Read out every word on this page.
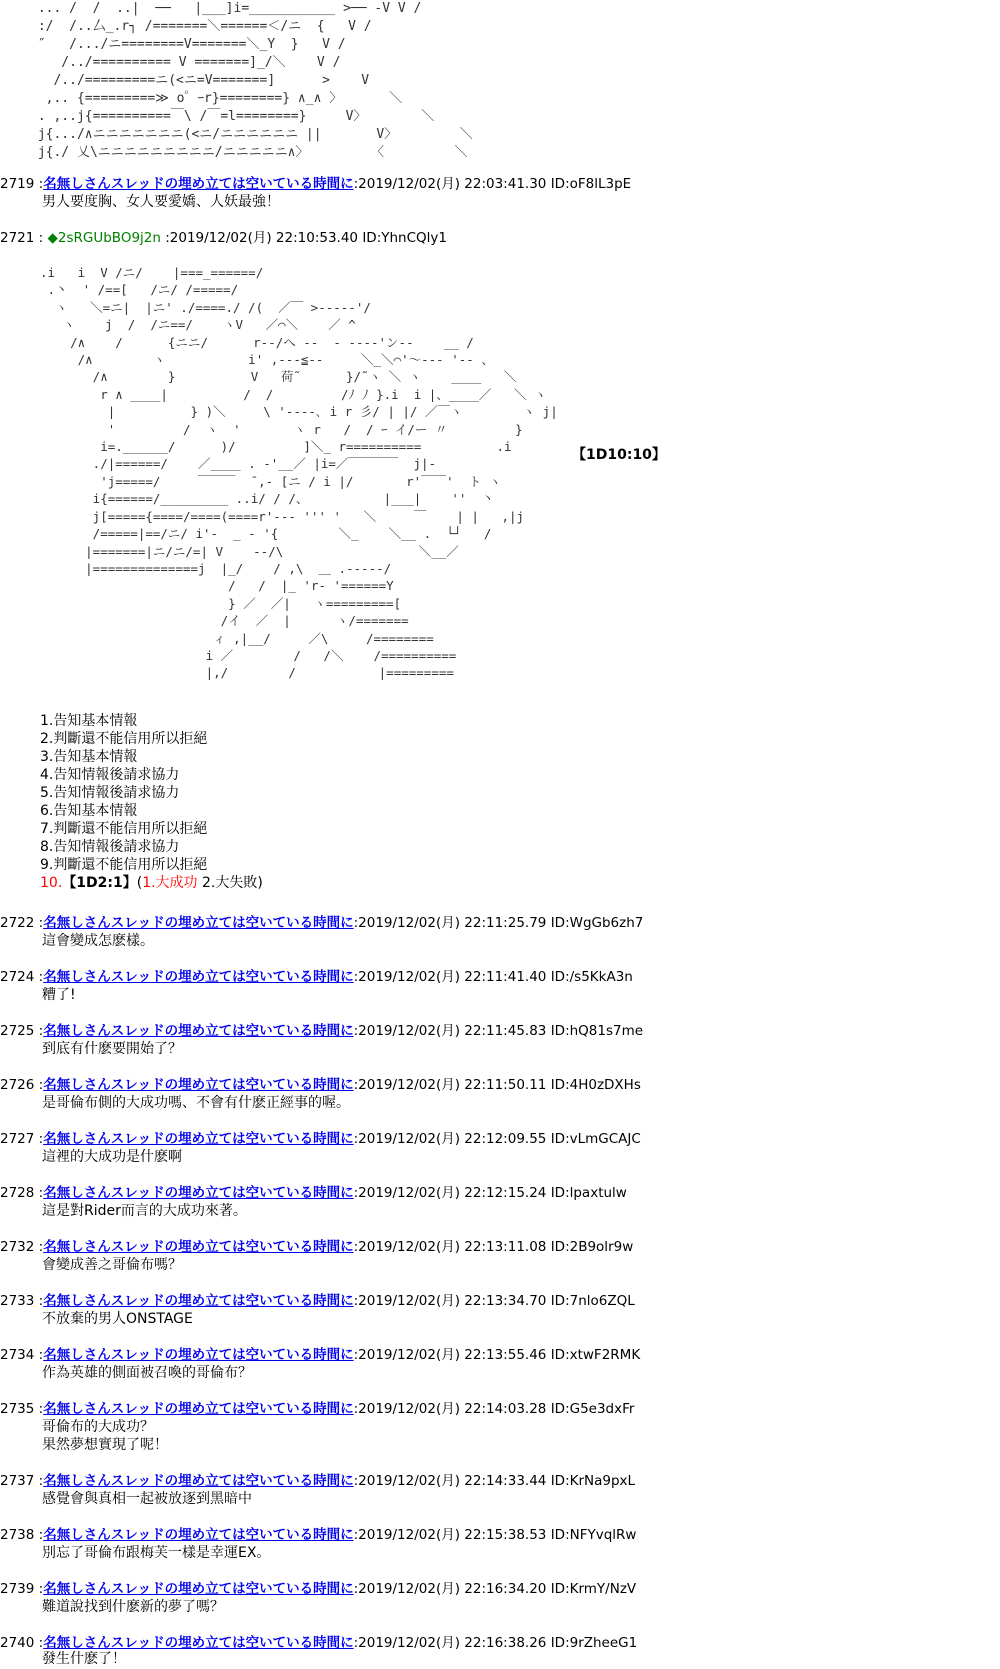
... /  /  ..|  ──   |___]i=___________ >── -V V /
:/  /..厶_.r┐ /=======＼======＜/ニ  {   V /
″   /.../ニ========V=======＼_Y  }   V /
/../========== V =======]_/＼    V /
/../=========ニ(<ニ=V=======]      >    V
,.. {=========≫ o゜ｰr}========} ∧_∧ 〉      ＼
. ,..j{==========￣\ /￣=l========}     V〉       ＼
j{.../∧ニニニニニニニ(<ニ/ニニニニニニ ||       V〉        ＼
j{./ 乂\ニニニニニニニニニ/ニニニニニ∧〉        〈         ＼
2719 :名無しさんスレッドの埋め立ては空いている時間に:2019/12/02(月) 22:03:41.30 ID:oF8lL3pE
男人要度胸、女人要愛嬌、人妖最強！
2721 : ◆2sRGUbBO9j2n :2019/12/02(月) 22:10:53.40 ID:YhnCQly1
.i   i  V /ニ/    |===_======/
.丶  ' /==[   /ニ/ /=====/
ヽ   ＼=ニ|  |ニ' ./====./ /(  ／￣ >-----'/
ヽ    j  /  /ニ==/    ヽV   ／⌒＼    ／ ^
/∧    /      {ニニ/      r--/へ --  - ----'ン--    __ /
/∧        ヽ           i' ,---≦--     ＼_＼⌒'～--- '-- 、
/∧        }          V   荷˜      }/˜ヽ ＼ ヽ    ____   ＼
r ∧ ____|          /  /         /ﾉ ﾉ }.i  i |、____／   ＼ ヽ
|          } )＼     \ '---‐､ i r 彡/ | |/ ／￣ヽ        ヽ j|
'         /  ヽ  '       ヽ r   /  / ｰ イ/ー 〃         }
i=.______/      )/         ]＼_ r==========          .i
./|======/    ／____ . -'__／ |i=／￣￣￣￣  j|-
'j=====/     ￣￣￣  ̄ ,- [ニ / i |/       r'￣￣'  ト ヽ
i{======/_________ ..i/ / /、          |___|    ''  丶
j[====={====/====(====r'‐-- ''' '   ＼     ￣    | |   ,|j
/=====|==/ニ/ i'‐  _ - '{        ＼_    ＼__ .  └┘   /
|=======|ニ/ニ/=| V    -‐/\                  ＼__／
|==============j  |_/    / ,\  ＿ .-----/
/   /  |_ 'r‐ '======Y
} ／  ／|   ヽ=========[
/イ  ／  |      ヽ/=======
ィ ,|__/     ／\     /========
i ／        /   /＼    /==========
|,/        /           |=========
【1D10:10】
1.告知基本情報
2.判斷還不能信用所以拒絕
3.告知基本情報
4.告知情報後請求協力
5.告知情報後請求協力
6.告知基本情報
7.判斷還不能信用所以拒絕
8.告知情報後請求協力
9.判斷還不能信用所以拒絕
10.【1D2:1】(1.大成功 2.大失敗)
2722 :名無しさんスレッドの埋め立ては空いている時間に:2019/12/02(月) 22:11:25.79 ID:WgGb6zh7
這會變成怎麽樣。
2724 :名無しさんスレッドの埋め立ては空いている時間に:2019/12/02(月) 22:11:41.40 ID:/s5KkA3n
糟了!
2725 :名無しさんスレッドの埋め立ては空いている時間に:2019/12/02(月) 22:11:45.83 ID:hQ81s7me
到底有什麽要開始了？
2726 :名無しさんスレッドの埋め立ては空いている時間に:2019/12/02(月) 22:11:50.11 ID:4H0zDXHs
是哥倫布側的大成功嗎、不會有什麽正經事的喔。
2727 :名無しさんスレッドの埋め立ては空いている時間に:2019/12/02(月) 22:12:09.55 ID:vLmGCAJC
這裡的大成功是什麽啊
2728 :名無しさんスレッドの埋め立ては空いている時間に:2019/12/02(月) 22:12:15.24 ID:lpaxtulw
這是對Rider而言的大成功來著。
2732 :名無しさんスレッドの埋め立ては空いている時間に:2019/12/02(月) 22:13:11.08 ID:2B9olr9w
會變成善之哥倫布嗎？
2733 :名無しさんスレッドの埋め立ては空いている時間に:2019/12/02(月) 22:13:34.70 ID:7nlo6ZQL
不放棄的男人ONSTAGE
2734 :名無しさんスレッドの埋め立ては空いている時間に:2019/12/02(月) 22:13:55.46 ID:xtwF2RMK
作為英雄的側面被召喚的哥倫布？
2735 :名無しさんスレッドの埋め立ては空いている時間に:2019/12/02(月) 22:14:03.28 ID:G5e3dxFr
哥倫布的大成功？
果然夢想實現了呢！
2737 :名無しさんスレッドの埋め立ては空いている時間に:2019/12/02(月) 22:14:33.44 ID:KrNa9pxL
感覺會與真相一起被放逐到黑暗中
2738 :名無しさんスレッドの埋め立ては空いている時間に:2019/12/02(月) 22:15:38.53 ID:NFYvqlRw
別忘了哥倫布跟梅芙一樣是幸運EX。
2739 :名無しさんスレッドの埋め立ては空いている時間に:2019/12/02(月) 22:16:34.20 ID:KrmY/NzV
難道說找到什麽新的夢了嗎？
2740 :名無しさんスレッドの埋め立ては空いている時間に:2019/12/02(月) 22:16:38.26 ID:9rZheeG1
發生什麽了！
